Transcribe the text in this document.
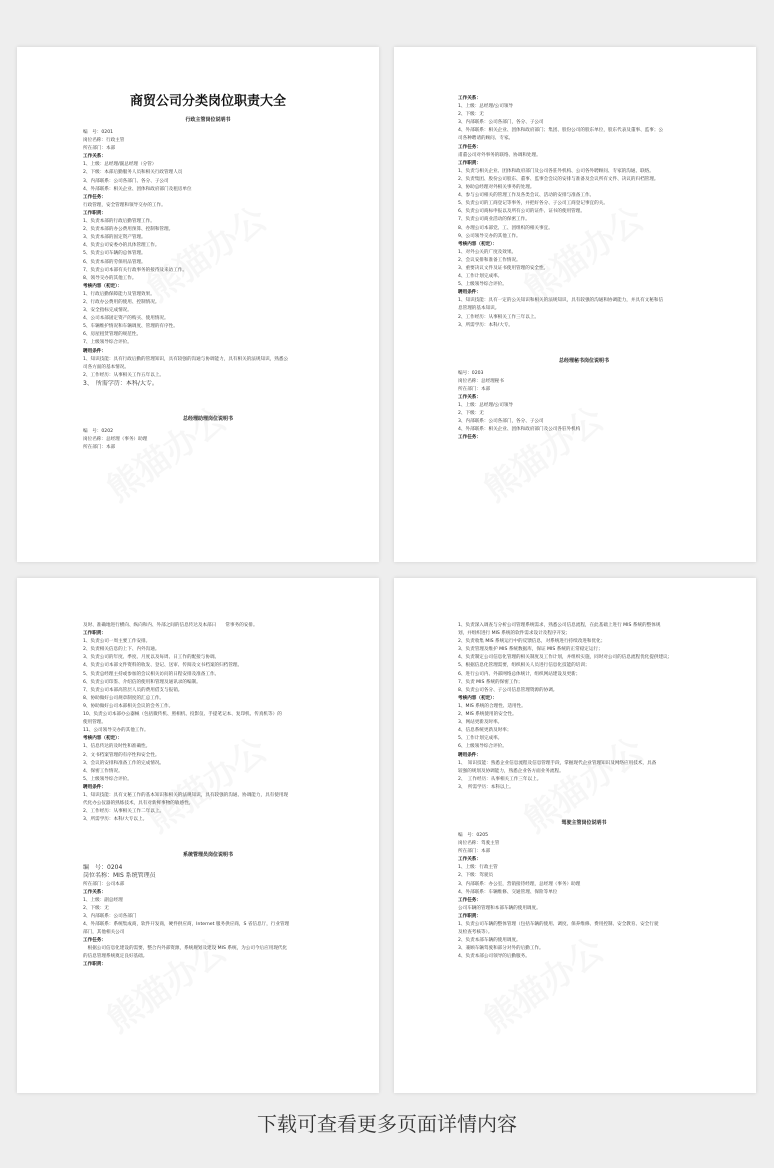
商贸公司分类岗位职责大全
行政主管岗位说明书
编　号：0201
岗位名称：行政主管
所在部门：本部
工作关系：
1、上级：总经理/副总经理（分管）
2、下级：本部后勤服务人员和相关行政管理人员
3、内部联系：公司各部门、各分、子公司
4、外部联系：相关企业、团体和政府部门及租房单位
工作任务：
行政管理，安全管理和领导交办的工作。
工作职责：
1、负责本部的行政后勤管理工作。
2、负责本部的办公费用预算、控制和管理。
3、负责本部的固定资产管理。
4、负责公司安委办的具体管理工作。
5、负责公司车辆的总体管理。
6、负责本部的劳保用品管理。
7、负责公司本部有关行政事务的接待及来访工作。
8、领导交办的其他工作。
考核内容（初定）：
1、行政后勤保障能力及管理效果。
2、行政办公费用的使用、控制情况。
3、安全指标完成情况。
4、公司本部固定资产的购买、使用情况。
5、车辆维护情况和车辆调度、管理的有序性。
6、房屋租赁管理的规范性。
7、上级领导综合评价。
聘用条件：
1、知识技能：具有行政后勤的管理知识，具有较强的沟通与协调能力，具有相关的法规知识，熟悉公
司各方面的基本情况。
2、工作经历：从事相关工作五年以上。
3、　所需学历：本科/大专。
总经理助理岗位说明书
编　号：0202
岗位名称：总经理（事务）助理
所在部门：本部
工作关系：
1、上级：总经理/公司领导
2、下级：无
3、内部联系：公司各部门，各分、子公司
4、外部联系：相关企业、团体和政府部门；集团、股份公司的股东单位，股东代表及董事、监事；公
司各种聘请的顾问、专家。
工作任务：
甫董公司对外事务的联络、协调和处理。
工作职责：
1、负责与相关企业、团体和政府部门及公司各驻外机构、公司各外聘顾问、专家的沟通、联络。
2、负责集团、股份公司股东、董事、监事会会议的安排与准备及会议所有文件、决议的归档管理。
3、协助总经理对外相关事务的处理。
4、参与公司相关的管理工作及各类会议、活动的安排与准备工作。
5、负责公司的工商登记等事务，并把好各分、子公司工商登记事宜的关。
6、负责公司商标申报以及所有公司的证件、证书的使用管理。
7、负责公司商业活动的保密工作。
8、办理公司本部党、工、团组织的相关事宜。
9、公司领导交办的其他工作。
考核内容（初定）：
1、对外公关的广度及效果。
2、会议安排和准备工作情况。
3、重要决议文件及证书使用管理的安全性。
4、工作计划完成率。
5、上级领导综合评价。
聘用条件：
1、知识技能：具有一定的公关知识和相关的法规知识，具有较强的沟通和协调能力，并具有文秘和信
息管理的基本知识。
2、工作经历：从事相关工作三年以上。
3、所需学历：本科/大专。
总经理秘书岗位说明书
编号：0203
岗位名称：总经理秘书
所在部门：本部
工作关系：
1、上级：总经理/公司领导
2、下级：无
3、内部联系：公司各部门，各分、子公司
4、外部联系：相关企业、团体和政府部门及公司各驻外机构
工作任务：
及时、准确地进行横向、纵向和内、外部之间的信息传达及本部日　　常事务的安排。
工作职责：
1、负责公司一周主要工作安排。
2、负责相关信息的上下、内外沟通。
3、负责公司的年度、季度、月度以及每周、日工作的配接与协调。
4、负责公司本部文件资料的收发、登记、送审、传阅及文书档案的归档管理。
5、负责总经理主持或参加的会议相关访问的日程安排及准备工作。
6、负责公司印鉴、介绍信的使用和管理及通讯录的编制。
7、负责公司本部高管层人员的费用借支与报销。
8、协助做好公司规章制度的汇总工作。
9、协助做好公司本部相关会议的会务工作。
10、负责公司本部办公器械（包括微传机、照相机、投影仪、手提笔记本、复印机、传真机等）的
使用管理。
11、公司领导交办的其他工作。
考核内容（初定）：
1、信息传达的及时性和准确性。
2、文书档案管理的有序性和安全性。
3、会议的安排和准备工作的完成情况。
4、保密工作情况。
5、上级领导综合评价。
聘用条件：
1、知识技能：具有文秘工作的基本知识和相关的法规知识，具有较强的沟通、协调能力，具有使用现
代化办公仪器的熟练技术，具有对新鲜事物的敏感性。
2、工作经历：从事相关工作二年以上。
3、所需学历：本科/大专以上。
系统管理员岗位说明书
编　号：0204
岗位名称：MIS 系统管理员
所在部门：公司本部
工作关系：
1、上级：副总经理
2、下级：无
3、内部联系：公司各部门
4、外部联系：系统集成商，软件开发商，硬件供应商，Internet 服务供应商，S 省信息厅，行业管理
部门，其他相关公司
工作任务：
　根据公司信息化建设的需要，整合内外部资源，系统规划及建设 MIS 系统，为公司今后应用现代化
的信息管理系统奠定良好基础。
工作职责：
1、负责深入调查与分析公司管理系统需求，熟悉公司信息流程，在此基础上进行 MIS 系统的整体规
划，并组织进行 MIS 系统的软件需求设计及程序开发；
2、负责收集 MIS 系统运行中的反馈信息，对系统进行持续改进和优化；
3、负责管理及维护 MIS 系统数据库，保证 MIS 系统的正常稳定运行；
4、负责制定公司信息化管理的相关制度及工作计划，并组织实施，同时对公司的信息流程优化提供建议；
5、根据信息化管理需要，组织相关人员进行信息化技能的培训；
6、进行公司内、外部网络总体统计，组织网站建设及更新；
7、负责 MIS 系统的保密工作；
8、负责公司各分、子公司信息管理资源的协调。
考核内容（初定）：
1、MIS 系统的合理性、适用性。
2、MIS 系统使用的安全性。
3、网站更新及时率。
4、信息系统更新及时率；
5、工作计划完成率。
6、上级领导综合评价。
聘用条件：
1、　知识技能：熟悉企业信息流程及信息管理手段，掌握现代企业管理知识及网络应用技术，具备
较强的规划及协调能力，熟悉企业各方面业务流程。
2、　工作经历：从事相关工作三年以上。
3、　所需学历：本科以上。
驾驶主管岗位说明书
编　号：0205
岗位名称：驾驶主管
所在部门：本部
工作关系：
1、上级：行政主管
2、下级：驾驶员
3、内部联系：办公室，营销接待经理，总经理（事务）助理
4、外部联系：车辆维修、交通管理、保险等单位
工作任务：
公司车辆的管理和本部车辆的使用调度。
工作职责：
1、负责公司车辆的整体管理（包括车辆的使用、调度、保养维修、费用控制、安全教育、安全行驶
及检查考核等）。
2、负责本部车辆的使用调度。
3、兼顾车辆驾驶和部分对外的后勤工作。
4、负责本部公司领导的后勤服务。
下载可查看更多页面详情内容
